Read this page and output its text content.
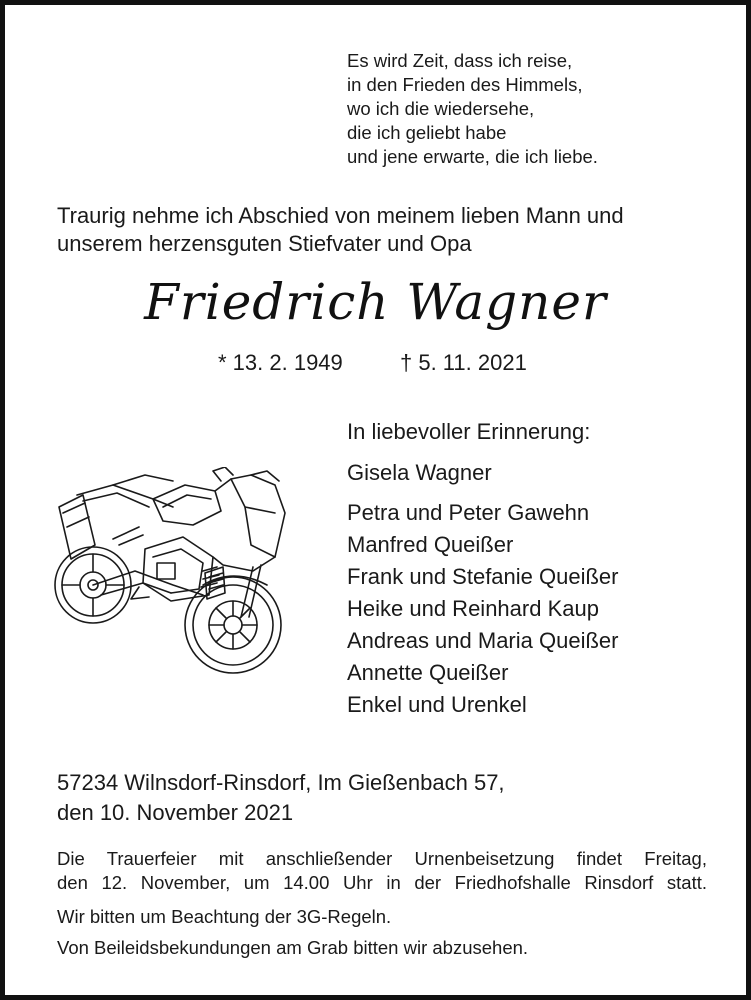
Es wird Zeit, dass ich reise,
in den Frieden des Himmels,
wo ich die wiedersehe,
die ich geliebt habe
und jene erwarte, die ich liebe.
Traurig nehme ich Abschied von meinem lieben Mann und
unserem herzensguten Stiefvater und Opa
Friedrich Wagner
* 13. 2. 1949	† 5. 11. 2021
In liebevoller Erinnerung:
Gisela Wagner
Petra und Peter Gawehn
Manfred Queißer
Frank und Stefanie Queißer
Heike und Reinhard Kaup
Andreas und Maria Queißer
Annette Queißer
Enkel und Urenkel
57234 Wilnsdorf-Rinsdorf, Im Gießenbach 57,
den 10. November 2021
Die Trauerfeier mit anschließender Urnenbeisetzung findet Freitag,
den 12. November, um 14.00 Uhr in der Friedhofshalle Rinsdorf statt.
Wir bitten um Beachtung der 3G-Regeln.
Von Beileidsbekundungen am Grab bitten wir abzusehen.
